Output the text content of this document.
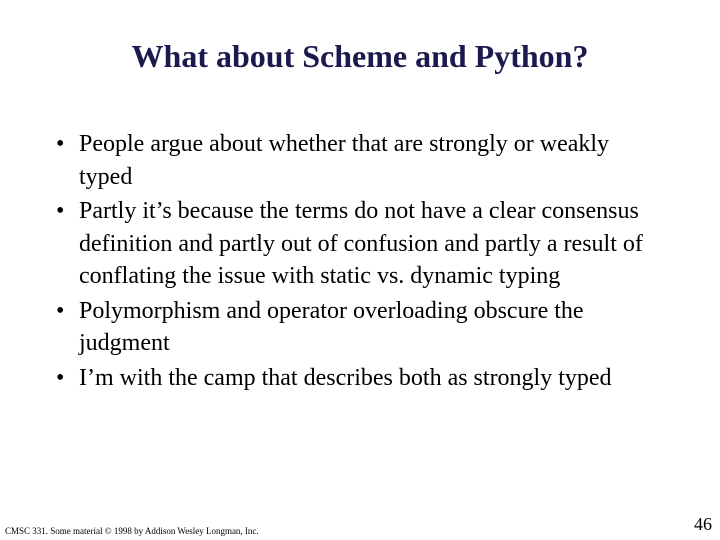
What about Scheme and Python?
• People argue about whether that are strongly or weakly typed
• Partly it’s because the terms do not have a clear consensus definition and partly out of confusion and partly a result of conflating the issue with static vs. dynamic typing
• Polymorphism and operator overloading obscure the judgment
• I’m with the camp that describes both as strongly typed
CMSC 331. Some material © 1998 by Addison Wesley Longman, Inc.	46
